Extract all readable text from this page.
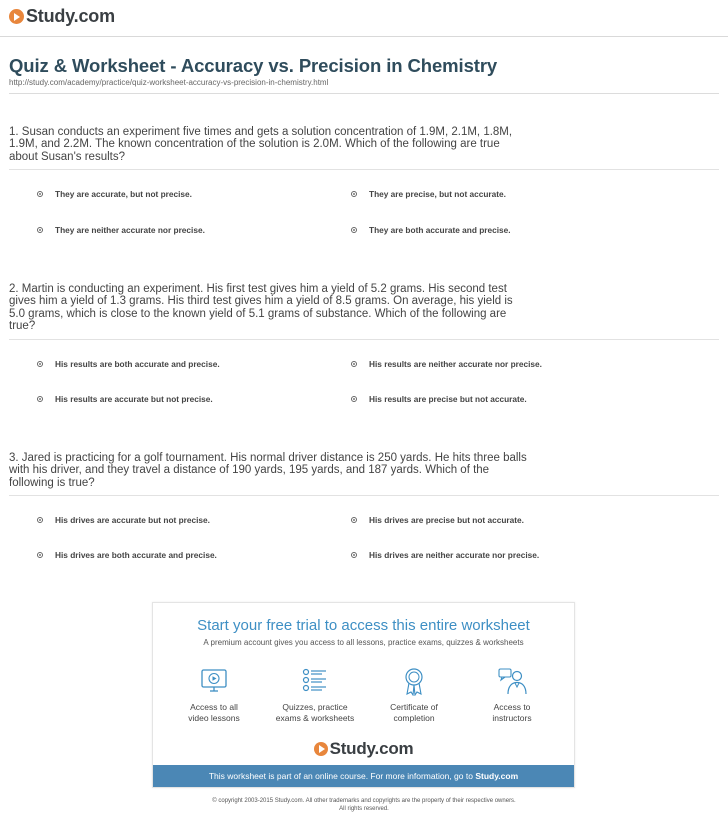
Study.com
Quiz & Worksheet - Accuracy vs. Precision in Chemistry
http://study.com/academy/practice/quiz-worksheet-accuracy-vs-precision-in-chemistry.html
1. Susan conducts an experiment five times and gets a solution concentration of 1.9M, 2.1M, 1.8M,
1.9M, and 2.2M. The known concentration of the solution is 2.0M. Which of the following are true
about Susan's results?
They are accurate, but not precise.	They are precise, but not accurate.
They are neither accurate nor precise.	They are both accurate and precise.
2. Martin is conducting an experiment. His first test gives him a yield of 5.2 grams. His second test
gives him a yield of 1.3 grams. His third test gives him a yield of 8.5 grams. On average, his yield is
5.0 grams, which is close to the known yield of 5.1 grams of substance. Which of the following are
true?
His results are both accurate and precise.	His results are neither accurate nor precise.
His results are accurate but not precise.	His results are precise but not accurate.
3. Jared is practicing for a golf tournament. His normal driver distance is 250 yards. He hits three balls
with his driver, and they travel a distance of 190 yards, 195 yards, and 187 yards. Which of the
following is true?
His drives are accurate but not precise.	His drives are precise but not accurate.
His drives are both accurate and precise.	His drives are neither accurate nor precise.
Start your free trial to access this entire worksheet
A premium account gives you access to all lessons, practice exams, quizzes & worksheets
Access to all
video lessons
Quizzes, practice
exams & worksheets
Certificate of
completion
Access to
instructors
Study.com
This worksheet is part of an online course. For more information, go to Study.com
© copyright 2003-2015 Study.com. All other trademarks and copyrights are the property of their respective owners.
All rights reserved.
